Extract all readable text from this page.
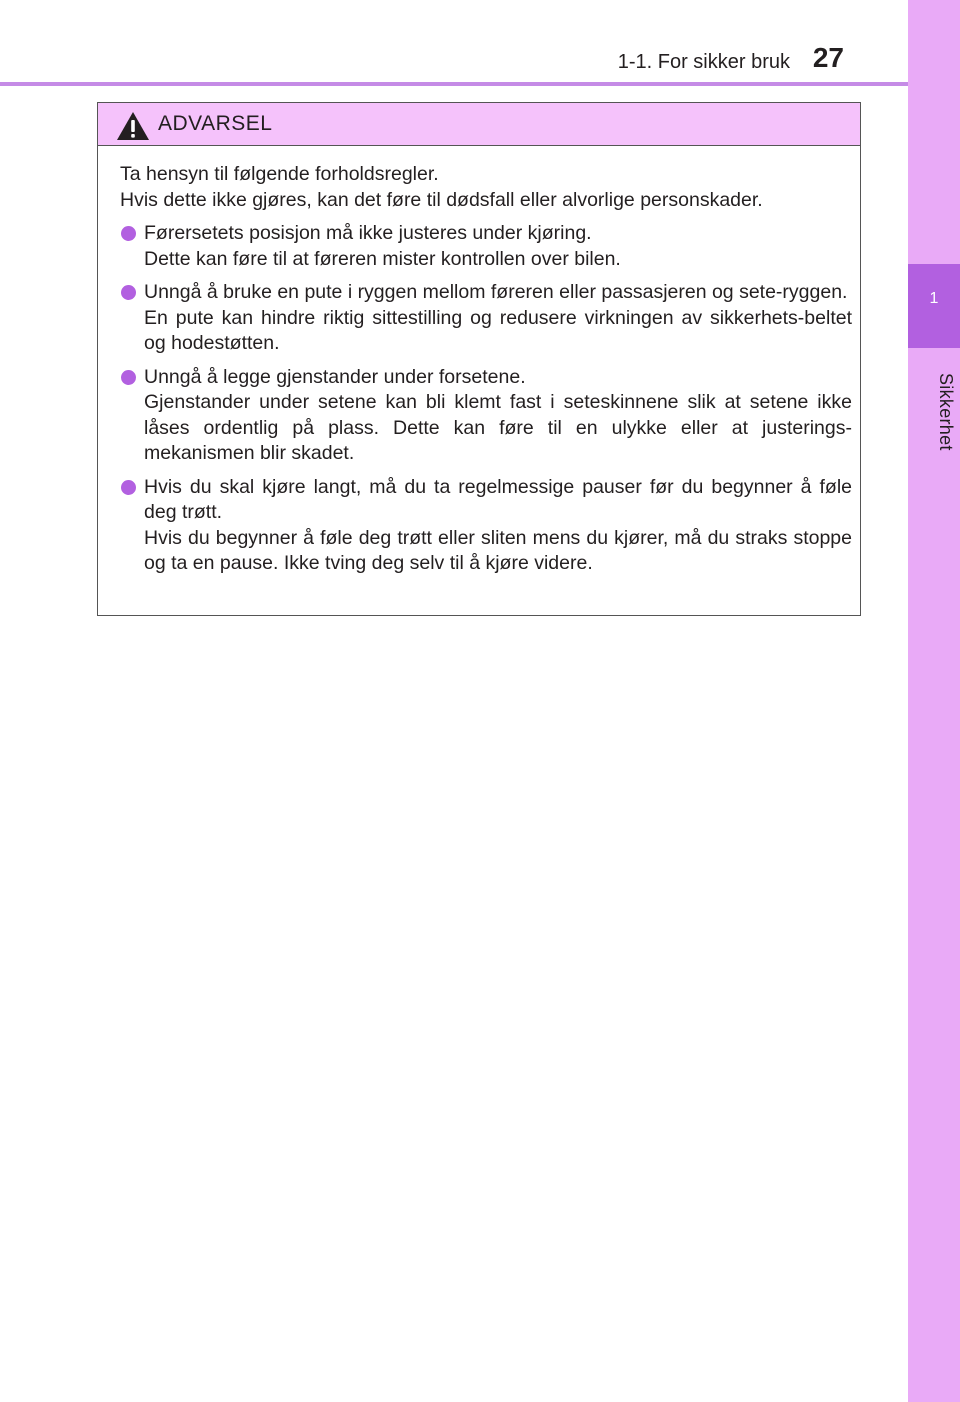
1-1. For sikker bruk 27
1
Sikkerhet
ADVARSEL
Ta hensyn til følgende forholdsregler.
Hvis dette ikke gjøres, kan det føre til dødsfall eller alvorlige personskader.

Førersetets posisjon må ikke justeres under kjøring.

Dette kan føre til at føreren mister kontrollen over bilen.

Unngå å bruke en pute i ryggen mellom føreren eller passasjeren og sete-ryggen.

En pute kan hindre riktig sittestilling og redusere virkningen av sikkerhets-beltet og hodestøtten.

Unngå å legge gjenstander under forsetene.

Gjenstander under setene kan bli klemt fast i seteskinnene slik at setene ikke låses ordentlig på plass. Dette kan føre til en ulykke eller at justerings-mekanismen blir skadet.

Hvis du skal kjøre langt, må du ta regelmessige pauser før du begynner å føle deg trøtt.

Hvis du begynner å føle deg trøtt eller sliten mens du kjører, må du straks stoppe og ta en pause. Ikke tving deg selv til å kjøre videre.
